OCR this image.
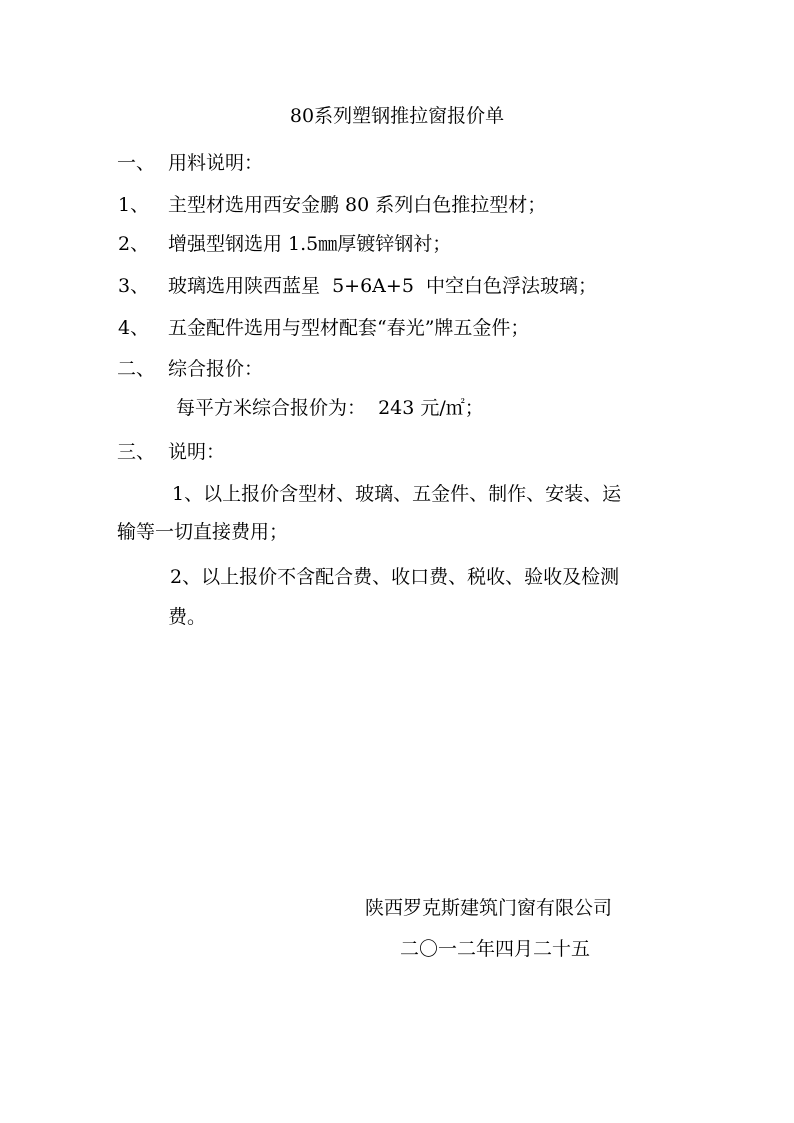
80系列塑钢推拉窗报价单
一、 用料说明：
1、 主型材选用西安金鹏 80 系列白色推拉型材；
2、 增强型钢选用 1.5㎜厚镀锌钢衬；
3、 玻璃选用陕西蓝星  5+6A+5  中空白色浮法玻璃；
4、 五金配件选用与型材配套“春光”牌五金件；
二、 综合报价：
每平方米综合报价为：  243 元/㎡；
三、 说明：
1、以上报价含型材、玻璃、五金件、制作、安装、运
输等一切直接费用；
2、以上报价不含配合费、收口费、税收、验收及检测
费。
陕西罗克斯建筑门窗有限公司
二〇一二年四月二十五
